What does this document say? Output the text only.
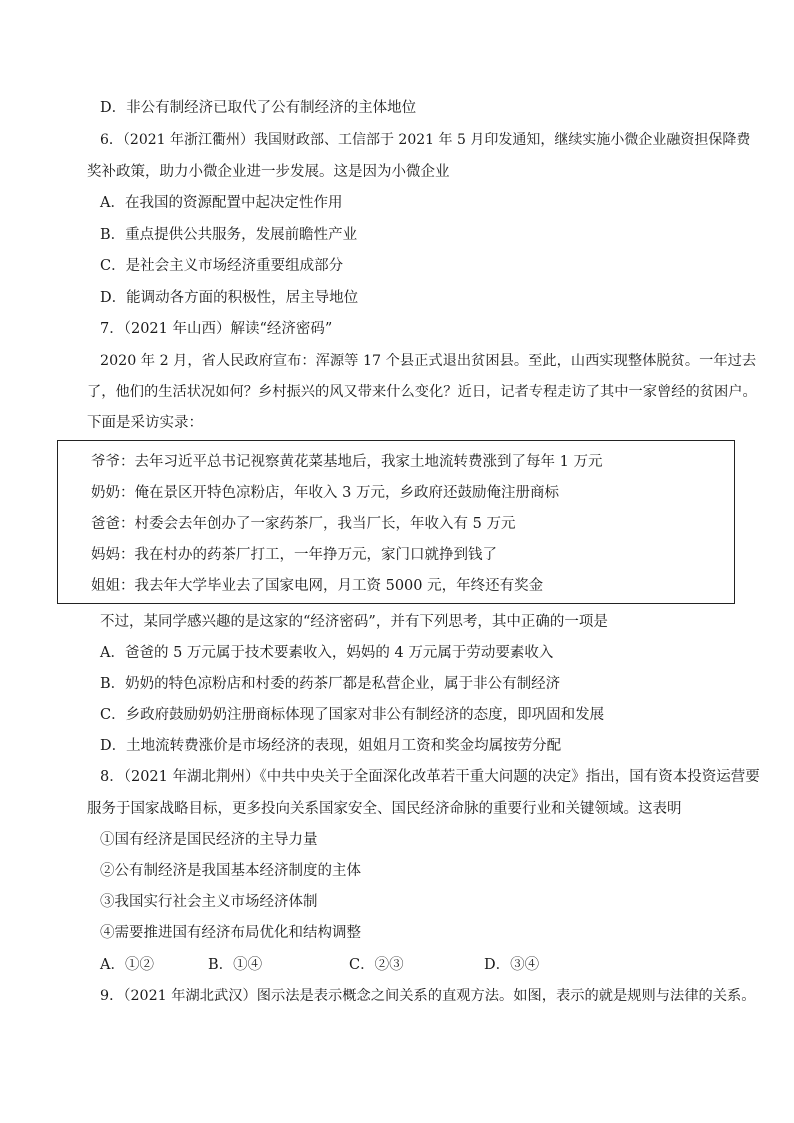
D．非公有制经济已取代了公有制经济的主体地位
6．（2021 年浙江衢州）我国财政部、工信部于 2021 年 5 月印发通知，继续实施小微企业融资担保降费
奖补政策，助力小微企业进一步发展。这是因为小微企业
A．在我国的资源配置中起决定性作用
B．重点提供公共服务，发展前瞻性产业
C．是社会主义市场经济重要组成部分
D．能调动各方面的积极性，居主导地位
7．（2021 年山西）解读“经济密码”
2020 年 2 月，省人民政府宣布：浑源等 17 个县正式退出贫困县。至此，山西实现整体脱贫。一年过去
了，他们的生活状况如何？乡村振兴的风又带来什么变化？近日，记者专程走访了其中一家曾经的贫困户。
下面是采访实录：
爷爷：去年习近平总书记视察黄花菜基地后，我家土地流转费涨到了每年 1 万元
奶奶：俺在景区开特色凉粉店，年收入 3 万元，乡政府还鼓励俺注册商标
爸爸：村委会去年创办了一家药茶厂，我当厂长，年收入有 5 万元
妈妈：我在村办的药茶厂打工，一年挣万元，家门口就挣到钱了
姐姐：我去年大学毕业去了国家电网，月工资 5000 元，年终还有奖金
不过，某同学感兴趣的是这家的“经济密码”，并有下列思考，其中正确的一项是
A．爸爸的 5 万元属于技术要素收入，妈妈的 4 万元属于劳动要素收入
B．奶奶的特色凉粉店和村委的药茶厂都是私营企业，属于非公有制经济
C．乡政府鼓励奶奶注册商标体现了国家对非公有制经济的态度，即巩固和发展
D．土地流转费涨价是市场经济的表现，姐姐月工资和奖金均属按劳分配
8．（2021 年湖北荆州）《中共中央关于全面深化改革若干重大问题的决定》指出，国有资本投资运营要
服务于国家战略目标，更多投向关系国家安全、国民经济命脉的重要行业和关键领域。这表明
①国有经济是国民经济的主导力量
②公有制经济是我国基本经济制度的主体
③我国实行社会主义市场经济体制
④需要推进国有经济布局优化和结构调整
A．①②	B．①④	C．②③	D．③④
9．（2021 年湖北武汉）图示法是表示概念之间关系的直观方法。如图，表示的就是规则与法律的关系。
